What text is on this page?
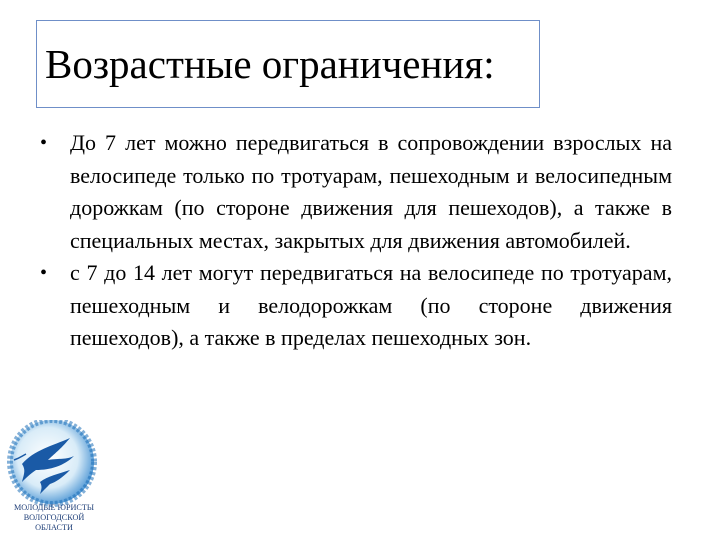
Возрастные ограничения:
• До 7 лет можно передвигаться в сопровождении взрослых на велосипеде только по тротуарам, пешеходным и велосипедным дорожкам (по стороне движения для пешеходов), а также в специальных местах, закрытых для движения автомобилей.
• с 7 до 14 лет могут передвигаться на велосипеде по тротуарам, пешеходным и велодорожкам (по стороне движения пешеходов), а также в пределах пешеходных зон.
МОЛОДЫЕ ЮРИСТЫ
ВОЛОГОДСКОЙ
ОБЛАСТИ
